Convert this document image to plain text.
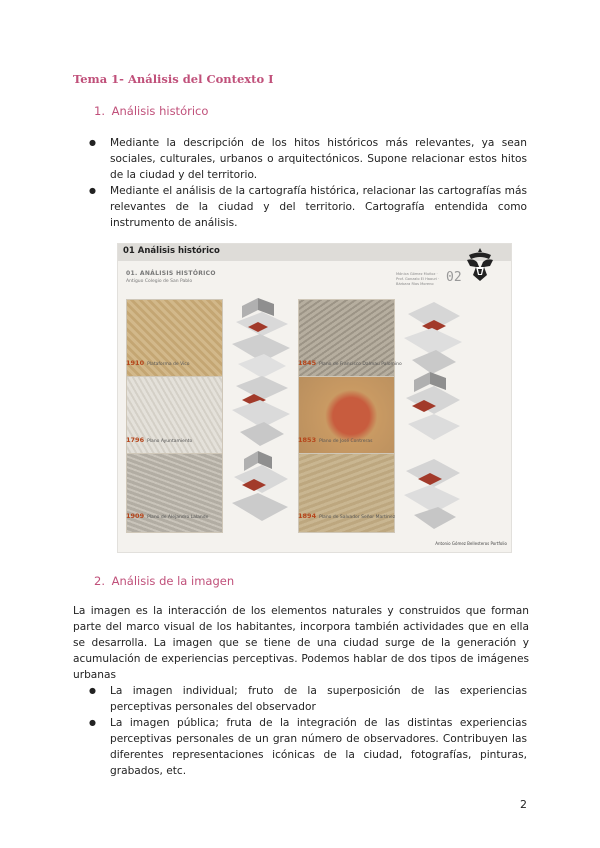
Tema 1- Análisis del Contexto I
1. Análisis histórico
● Mediante la descripción de los hitos históricos más relevantes, ya sean sociales, culturales, urbanos o arquitectónicos. Supone relacionar estos hitos de la ciudad y del territorio.
● Mediante el análisis de la cartografía histórica, relacionar las cartografías más relevantes de la ciudad y del territorio. Cartografía entendida como instrumento de análisis.
01 Análisis histórico
01. ANÁLISIS HISTÓRICO
Antiguo Colegio de San Pablo
Mónica Gómez Muñoz · Prof. Gonzalo El Haouri · Bárbara Ríos Moreno 02
1910 Plataforma de Vico
1796 Plano Ayuntamiento
1909 Plano de Alejandro Lalande
1845 Plano de Francisco Dalmau Palomino
1853 Plano de José Contreras
1894 Plano de Salvador Señor Martínez
Antonio Gómez Bellesteros Portfolio
2. Análisis de la imagen

La imagen es la interacción de los elementos naturales y construidos que forman parte del marco visual de los habitantes, incorpora también actividades que en ella se desarrolla. La imagen que se tiene de una ciudad surge de la generación y acumulación de experiencias perceptivas. Podemos hablar de dos tipos de imágenes urbanas

● La imagen individual; fruto de la superposición de las experiencias perceptivas personales del observador
● La imagen pública; fruta de la integración de las distintas experiencias perceptivas personales de un gran número de observadores. Contribuyen las diferentes representaciones icónicas de la ciudad, fotografías, pinturas, grabados, etc.
2
